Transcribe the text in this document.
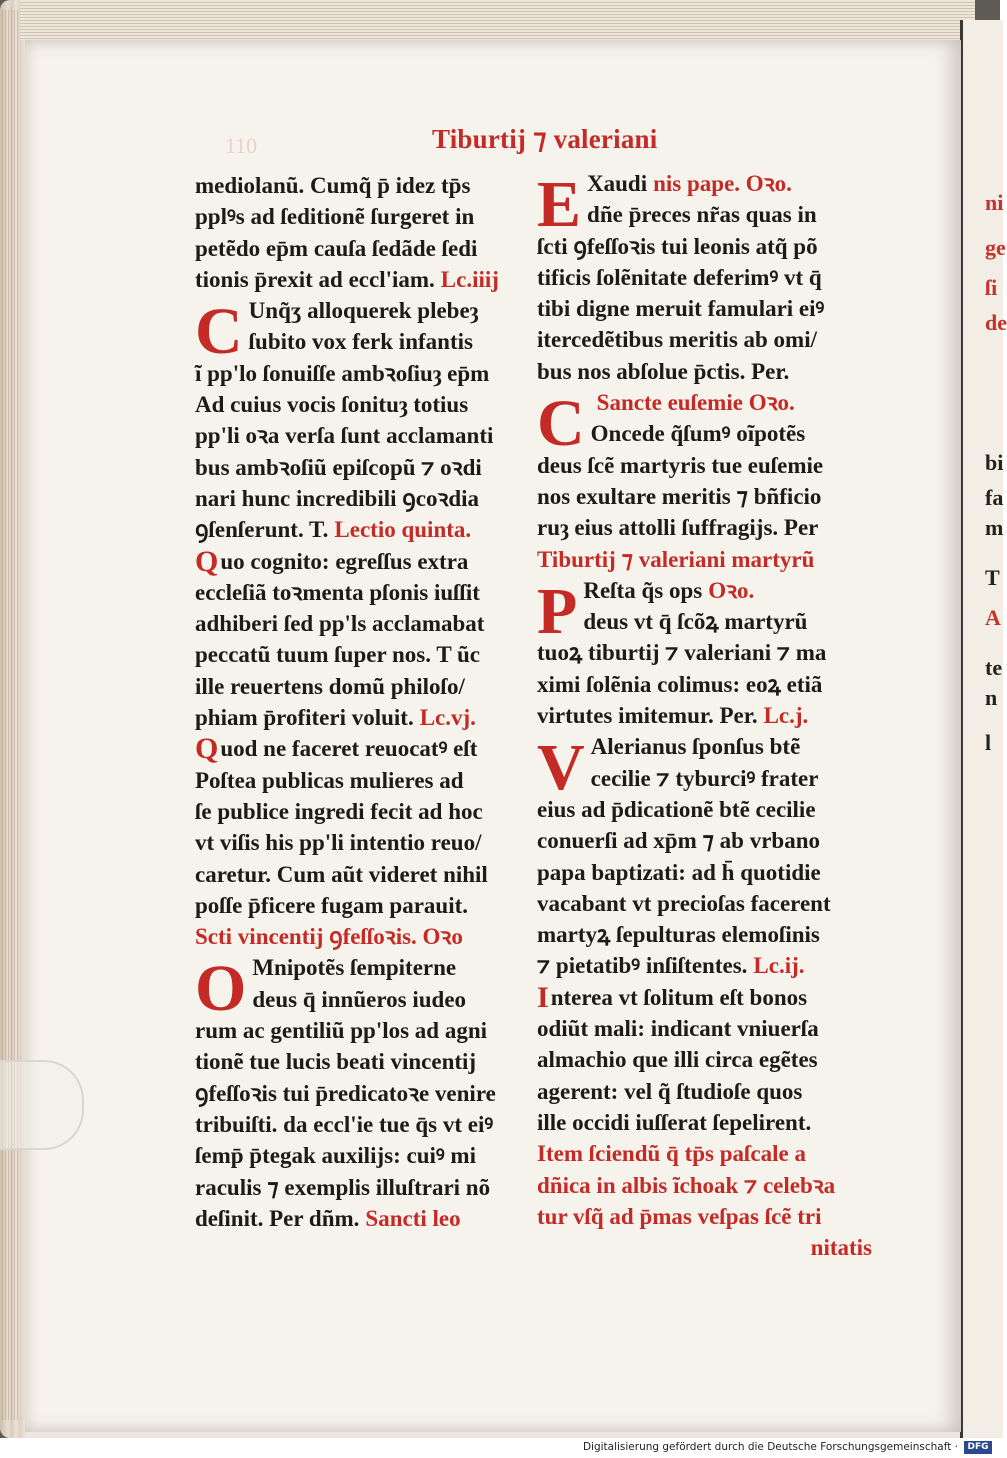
ni
ge
ſi
de
bi
fa
m
T
A
te
n
l
110	Tiburtij ⁊ valeriani
mediolanũ. Cumq̃ p̄ idez tp̄s
pplꝰs ad ſeditionẽ ſurgeret in
petẽdo ep̄m cauſa ſedãde ſedi
tionis p̄rexit ad eccl'iam. Lc.iiij
C Unq̃ʒ alloquerek plebeȝ
ſubito vox ferk infantis
ĩ pp'lo ſonuiſſe ambꝛoſiuȝ ep̄m
Ad cuius vocis ſonituȝ totius
pp'li oꝛa verſa ſunt acclamanti
bus ambꝛoſiũ epiſcopũ ⁊ oꝛdi
nari hunc incredibili ꝯcoꝛdia
ꝯſenſerunt. T. Lectio quinta.
Q uo cognito: egreſſus extra
eccleſiã toꝛmenta pſonis iuſſit
adhiberi ſed pp'ls acclamabat
peccatũ tuum ſuper nos. T ũc
ille reuertens domũ philoſo/
phiam p̄rofiteri voluit. Lc.vj.
Q uod ne faceret reuocatꝰ eſt
Poſtea publicas mulieres ad
ſe publice ingredi fecit ad hoc
vt viſis his pp'li intentio reuo/
caretur. Cum aũt videret nihil
poſſe p̄ficere fugam parauit.
Scti vincentij ꝯfeſſoꝛis. Oꝛo
O Mnipotẽs ſempiterne
deus q̄ innũeros iudeo
rum ac gentiliũ pp'los ad agni
tionẽ tue lucis beati vincentij
ꝯfeſſoꝛis tui p̄redicatoꝛe venire
tribuiſti. da eccl'ie tue q̄s vt eiꝰ
ſemp̄ p̄tegak auxilijs: cuiꝰ mi
raculis ⁊ exemplis illuſtrari nõ
deſinit. Per dñm. Sancti leo
E Xaudi nis pape. Oꝛo.
dñe p̄reces nr̃as quas in
ſcti ꝯfeſſoꝛis tui leonis atq̃ põ
tificis ſolẽnitate deferimꝰ vt q̄
tibi digne meruit famulari eiꝰ
itercedẽtibus meritis ab omi/
bus nos abſolue p̄ctis. Per.
C Sancte euſemie Oꝛo.
Oncede q̃ſumꝰ oĩpotẽs
deus ſcẽ martyris tue euſemie
nos exultare meritis ⁊ bñficio
ruȝ eius attolli ſuffragijs. Per
Tiburtij ⁊ valeriani martyrũ
P Reſta q̃s ops Oꝛo.
deus vt q̄ ſcõꝝ martyrũ
tuoꝝ tiburtij ⁊ valeriani ⁊ ma
ximi ſolẽnia colimus: eoꝝ etiã
virtutes imitemur. Per. Lc.j.
V Alerianus ſponſus btẽ
cecilie ⁊ tyburciꝰ frater
eius ad p̄dicationẽ btẽ cecilie
conuerſi ad xp̄m ⁊ ab vrbano
papa baptizati: ad h̄ quotidie
vacabant vt precioſas facerent
martyꝝ ſepulturas elemoſinis
⁊ pietatibꝰ inſiſtentes. Lc.ij.
I nterea vt ſolitum eſt bonos
odiũt mali: indicant vniuerſa
almachio que illi circa egẽtes
agerent: vel q̃ ſtudioſe quos
ille occidi iuſſerat ſepelirent.
Item ſciendũ q̄ tp̄s paſcale a
dñica in albis ĩchoak ⁊ celebꝛa
tur vſq̃ ad p̄mas veſpas ſcẽ tri
nitatis
Digitalisierung gefördert durch die Deutsche Forschungsgemeinschaft ·	DFG
